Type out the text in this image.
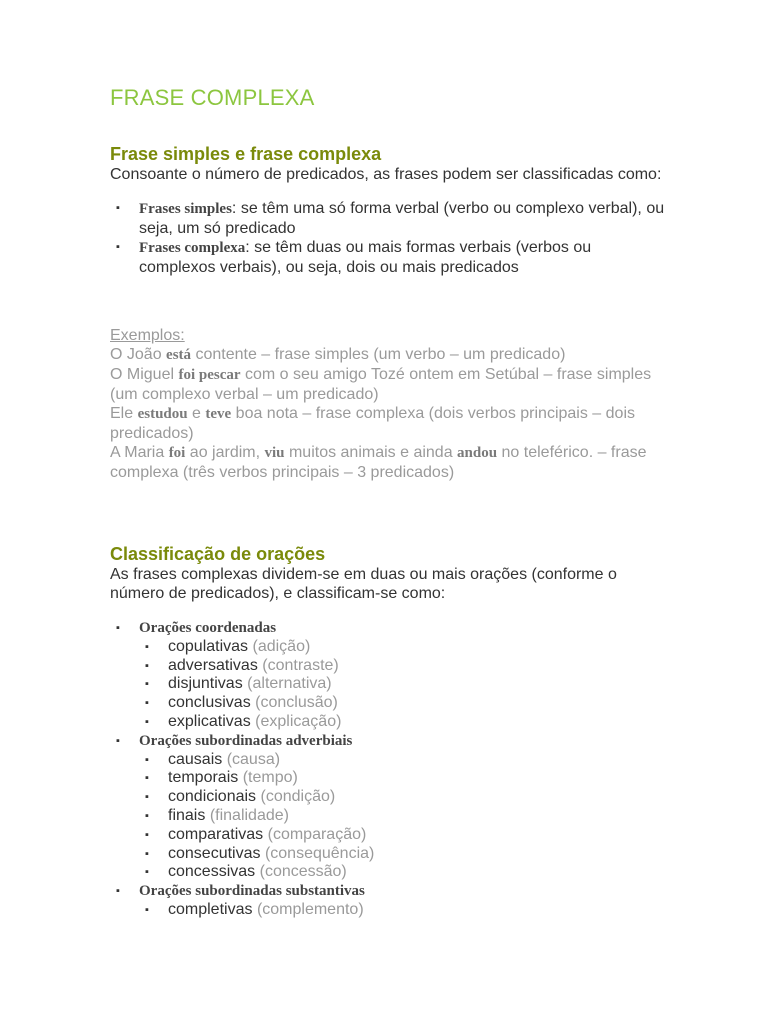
FRASE COMPLEXA
Frase simples e frase complexa

Consoante o número de predicados, as frases podem ser classificadas como:

▪ Frases simples: se têm uma só forma verbal (verbo ou complexo verbal), ou seja, um só predicado
▪ Frases complexa: se têm duas ou mais formas verbais (verbos ou complexos verbais), ou seja, dois ou mais predicados
Exemplos:
O João está contente – frase simples (um verbo – um predicado)
O Miguel foi pescar com o seu amigo Tozé ontem em Setúbal – frase simples (um complexo verbal – um predicado)
Ele estudou e teve boa nota – frase complexa (dois verbos principais – dois predicados)
A Maria foi ao jardim, viu muitos animais e ainda andou no teleférico. – frase complexa (três verbos principais – 3 predicados)
Classificação de orações

As frases complexas dividem-se em duas ou mais orações (conforme o número de predicados), e classificam-se como:

▪ Orações coordenadas
▪ copulativas (adição)
▪ adversativas (contraste)
▪ disjuntivas (alternativa)
▪ conclusivas (conclusão)
▪ explicativas (explicação)
▪ Orações subordinadas adverbiais
▪ causais (causa)
▪ temporais (tempo)
▪ condicionais (condição)
▪ finais (finalidade)
▪ comparativas (comparação)
▪ consecutivas (consequência)
▪ concessivas (concessão)
▪ Orações subordinadas substantivas
▪ completivas (complemento)
